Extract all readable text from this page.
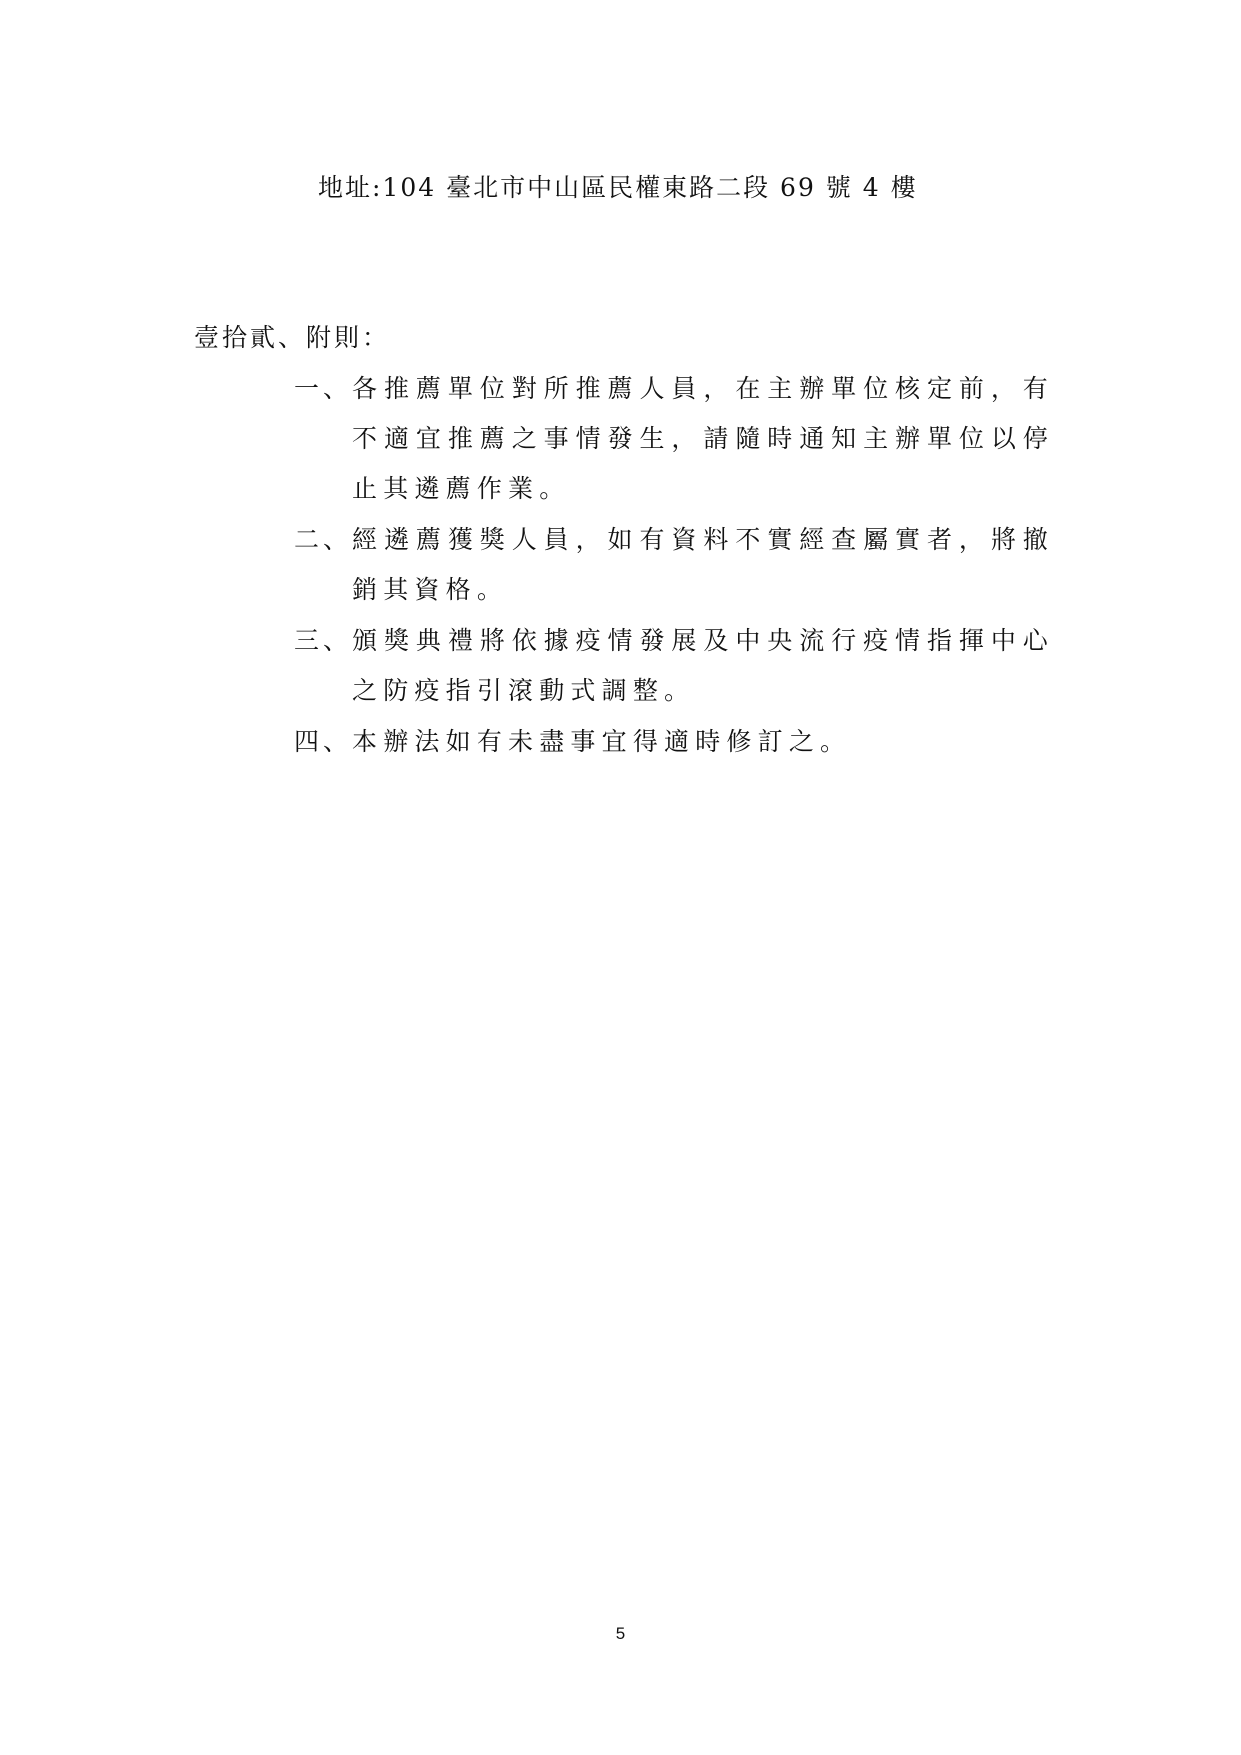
地址:104 臺北市中山區民權東路二段 69 號 4 樓
壹拾貳、附則：
一、 各推薦單位對所推薦人員，在主辦單位核定前，有不適宜推薦之事情發生，請隨時通知主辦單位以停止其遴薦作業。
二、 經遴薦獲獎人員，如有資料不實經查屬實者，將撤銷其資格。
三、 頒獎典禮將依據疫情發展及中央流行疫情指揮中心之防疫指引滾動式調整。
四、 本辦法如有未盡事宜得適時修訂之。
5
